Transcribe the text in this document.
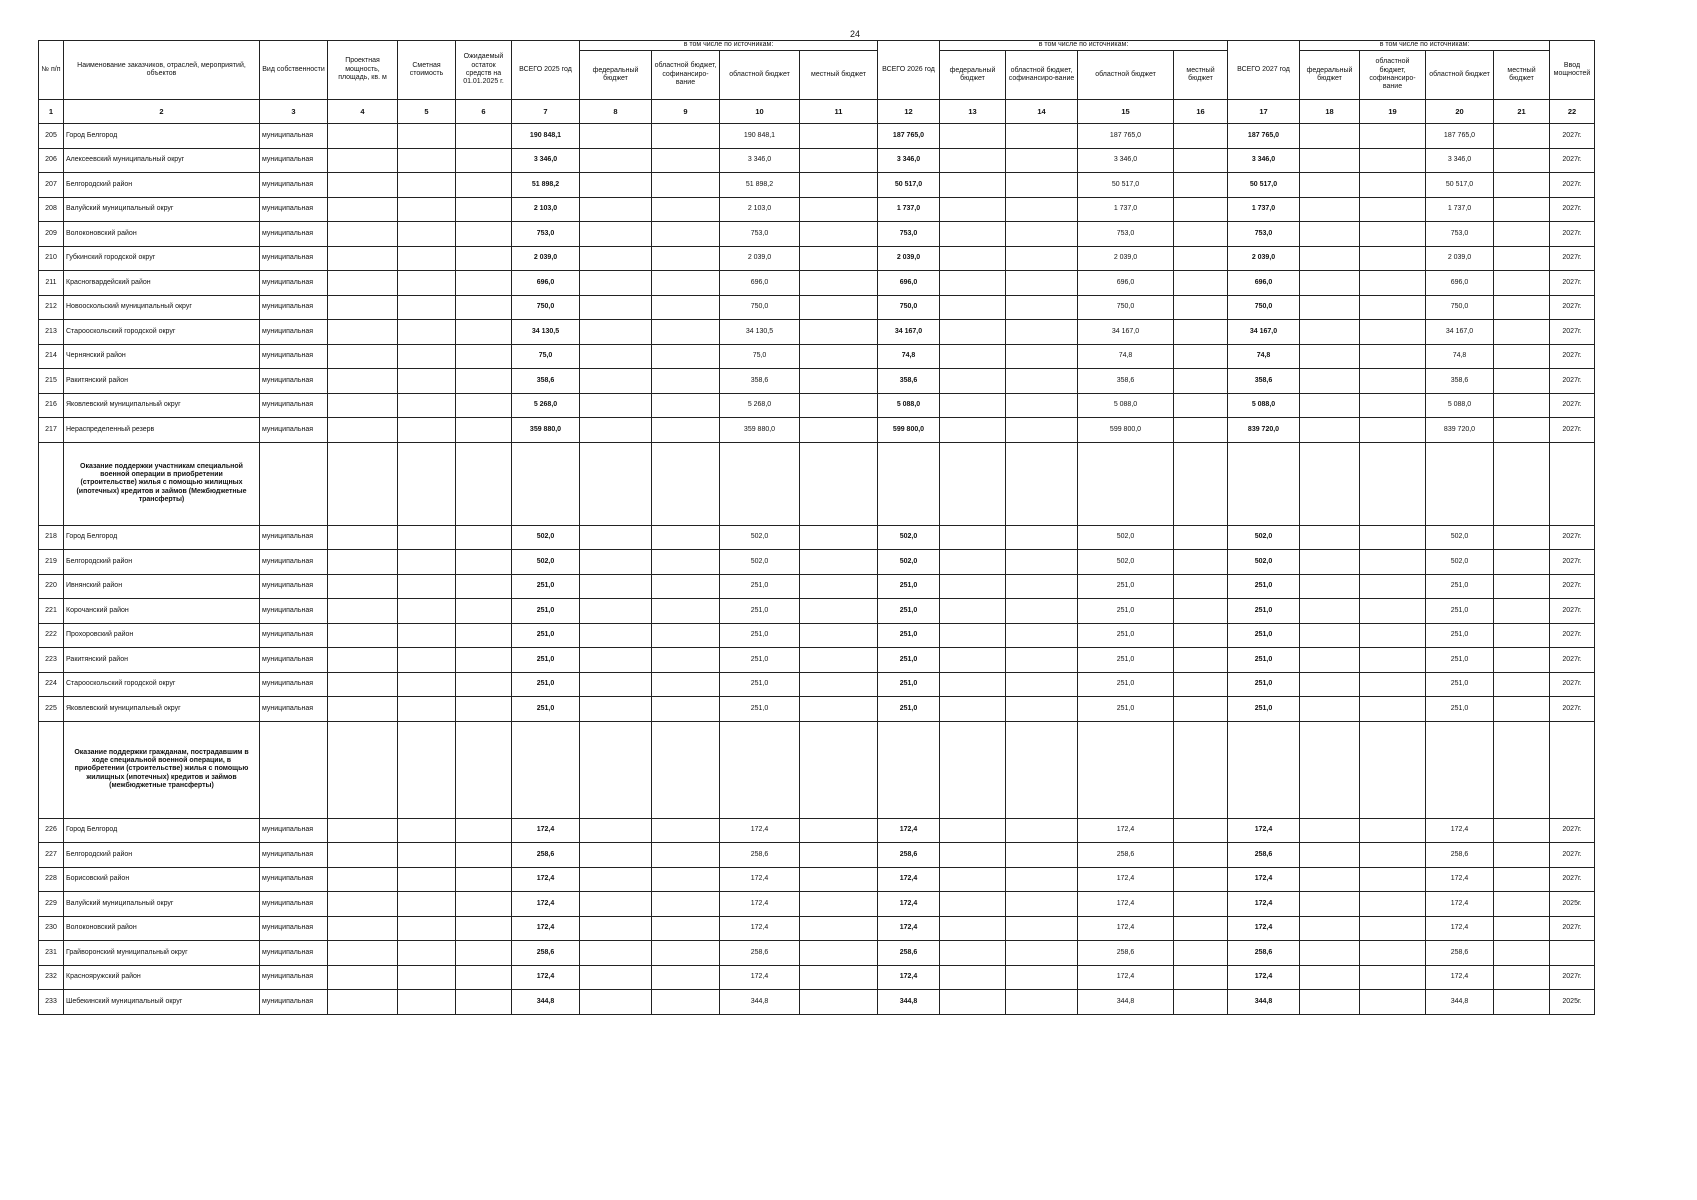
24
№ п/п	Наименование заказчиков, отраслей, мероприятий, объектов	Вид собственности	Проектная мощность, площадь, кв. м	Сметная стоимость	Ожидаемый остаток средств на 01.01.2025 г.	ВСЕГО 2025 год	в том числе по источникам:				ВСЕГО 2026 год	в том числе по источникам:				ВСЕГО 2027 год	в том числе по источникам:				Ввод мощностей
							федеральный бюджет	областной бюджет, софинансиро-вание	областной бюджет	местный бюджет		федеральный бюджет	областной бюджет, софинансиро-вание	областной бюджет	местный бюджет		федеральный бюджет	областной бюджет, софинансиро-вание	областной бюджет	местный бюджет	
1	2	3	4	5	6	7	8	9	10	11	12	13	14	15	16	17	18	19	20	21	22
205	Город Белгород	муниципальная				190 848,1			190 848,1		187 765,0			187 765,0		187 765,0			187 765,0		2027г.
206	Алексеевский муниципальный округ	муниципальная				3 346,0			3 346,0		3 346,0			3 346,0		3 346,0			3 346,0		2027г.
207	Белгородский район	муниципальная				51 898,2			51 898,2		50 517,0			50 517,0		50 517,0			50 517,0		2027г.
208	Валуйский муниципальный округ	муниципальная				2 103,0			2 103,0		1 737,0			1 737,0		1 737,0			1 737,0		2027г.
209	Волоконовский район	муниципальная				753,0			753,0		753,0			753,0		753,0			753,0		2027г.
210	Губкинский городской округ	муниципальная				2 039,0			2 039,0		2 039,0			2 039,0		2 039,0			2 039,0		2027г.
211	Красногвардейский район	муниципальная				696,0			696,0		696,0			696,0		696,0			696,0		2027г.
212	Новооскольский муниципальный округ	муниципальная				750,0			750,0		750,0			750,0		750,0			750,0		2027г.
213	Старооскольский городской округ	муниципальная				34 130,5			34 130,5		34 167,0			34 167,0		34 167,0			34 167,0		2027г.
214	Чернянский район	муниципальная				75,0			75,0		74,8			74,8		74,8			74,8		2027г.
215	Ракитянский район	муниципальная				358,6			358,6		358,6			358,6		358,6			358,6		2027г.
216	Яковлевский муниципальный округ	муниципальная				5 268,0			5 268,0		5 088,0			5 088,0		5 088,0			5 088,0		2027г.
217	Нераспределенный резерв	муниципальная				359 880,0			359 880,0		599 800,0			599 800,0		839 720,0			839 720,0		2027г.
	Оказание поддержки участникам специальной военной операции в приобретении (строительстве) жилья с помощью жилищных (ипотечных) кредитов и займов (Межбюджетные трансферты)																				
218	Город Белгород	муниципальная				502,0			502,0		502,0			502,0		502,0			502,0		2027г.
219	Белгородский район	муниципальная				502,0			502,0		502,0			502,0		502,0			502,0		2027г.
220	Ивнянский район	муниципальная				251,0			251,0		251,0			251,0		251,0			251,0		2027г.
221	Корочанский район	муниципальная				251,0			251,0		251,0			251,0		251,0			251,0		2027г.
222	Прохоровский район	муниципальная				251,0			251,0		251,0			251,0		251,0			251,0		2027г.
223	Ракитянский район	муниципальная				251,0			251,0		251,0			251,0		251,0			251,0		2027г.
224	Старооскольский городской округ	муниципальная				251,0			251,0		251,0			251,0		251,0			251,0		2027г.
225	Яковлевский муниципальный округ	муниципальная				251,0			251,0		251,0			251,0		251,0			251,0		2027г.
	Оказание поддержки гражданам, пострадавшим в ходе специальной военной операции, в приобретении (строительстве) жилья с помощью жилищных (ипотечных) кредитов и займов (межбюджетные трансферты)																				
226	Город Белгород	муниципальная				172,4			172,4		172,4			172,4		172,4			172,4		2027г.
227	Белгородский район	муниципальная				258,6			258,6		258,6			258,6		258,6			258,6		2027г.
228	Борисовский район	муниципальная				172,4			172,4		172,4			172,4		172,4			172,4		2027г.
229	Валуйский муниципальный округ	муниципальная				172,4			172,4		172,4			172,4		172,4			172,4		2025г.
230	Волоконовский район	муниципальная				172,4			172,4		172,4			172,4		172,4			172,4		2027г.
231	Грайворонский муниципальный округ	муниципальная				258,6			258,6		258,6			258,6		258,6			258,6		
232	Краснояружский район	муниципальная				172,4			172,4		172,4			172,4		172,4			172,4		2027г.
233	Шебекинский муниципальный округ	муниципальная				344,8			344,8		344,8			344,8		344,8			344,8		2025г.
